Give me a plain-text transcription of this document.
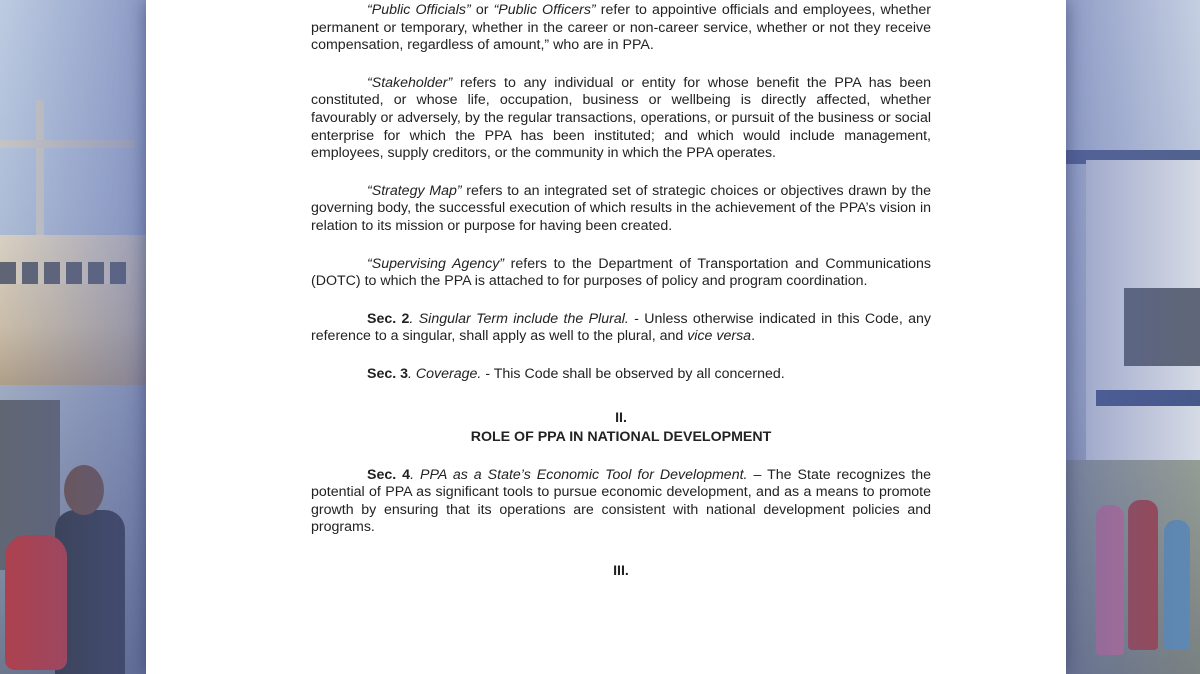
“Public Officials” or “Public Officers” refer to appointive officials and employees, whether permanent or temporary, whether in the career or non-career service, whether or not they receive compensation, regardless of amount,” who are in PPA.

“Stakeholder” refers to any individual or entity for whose benefit the PPA has been constituted, or whose life, occupation, business or wellbeing is directly affected, whether favourably or adversely, by the regular transactions, operations, or pursuit of the business or social enterprise for which the PPA has been instituted; and which would include management, employees, supply creditors, or the community in which the PPA operates.

“Strategy Map” refers to an integrated set of strategic choices or objectives drawn by the governing body, the successful execution of which results in the achievement of the PPA’s vision in relation to its mission or purpose for having been created.

“Supervising Agency” refers to the Department of Transportation and Communications (DOTC) to which the PPA is attached to for purposes of policy and program coordination.

Sec. 2. Singular Term include the Plural. - Unless otherwise indicated in this Code, any reference to a singular, shall apply as well to the plural, and vice versa.

Sec. 3. Coverage. - This Code shall be observed by all concerned.

II.
ROLE OF PPA IN NATIONAL DEVELOPMENT

Sec. 4. PPA as a State’s Economic Tool for Development. – The State recognizes the potential of PPA as significant tools to pursue economic development, and as a means to promote growth by ensuring that its operations are consistent with national development policies and programs.

III.
